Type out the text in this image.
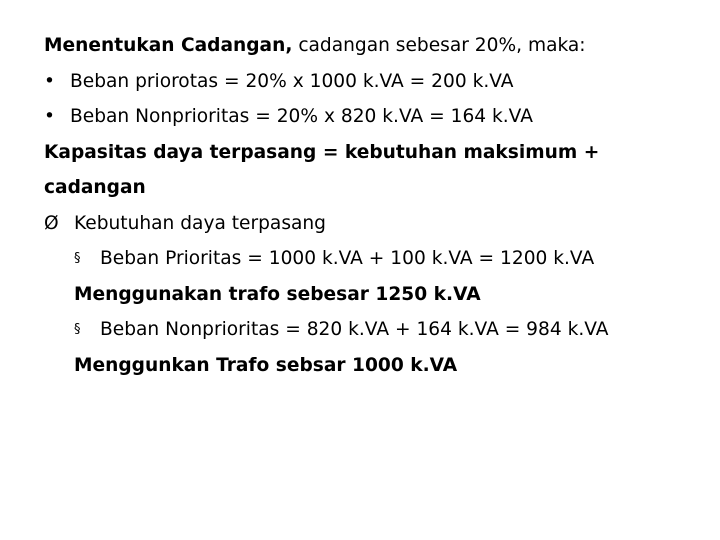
Menentukan Cadangan, cadangan sebesar 20%, maka:

• Beban priorotas = 20% x 1000 k.VA = 200 k.VA

• Beban Nonprioritas = 20% x 820 k.VA = 164 k.VA

Kapasitas daya terpasang = kebutuhan maksimum +

cadangan

Ø Kebutuhan daya terpasang

§ Beban Prioritas = 1000 k.VA + 100 k.VA = 1200 k.VA

Menggunakan trafo sebesar 1250 k.VA

§ Beban Nonprioritas = 820 k.VA + 164 k.VA = 984 k.VA

Menggunkan Trafo sebsar 1000 k.VA
